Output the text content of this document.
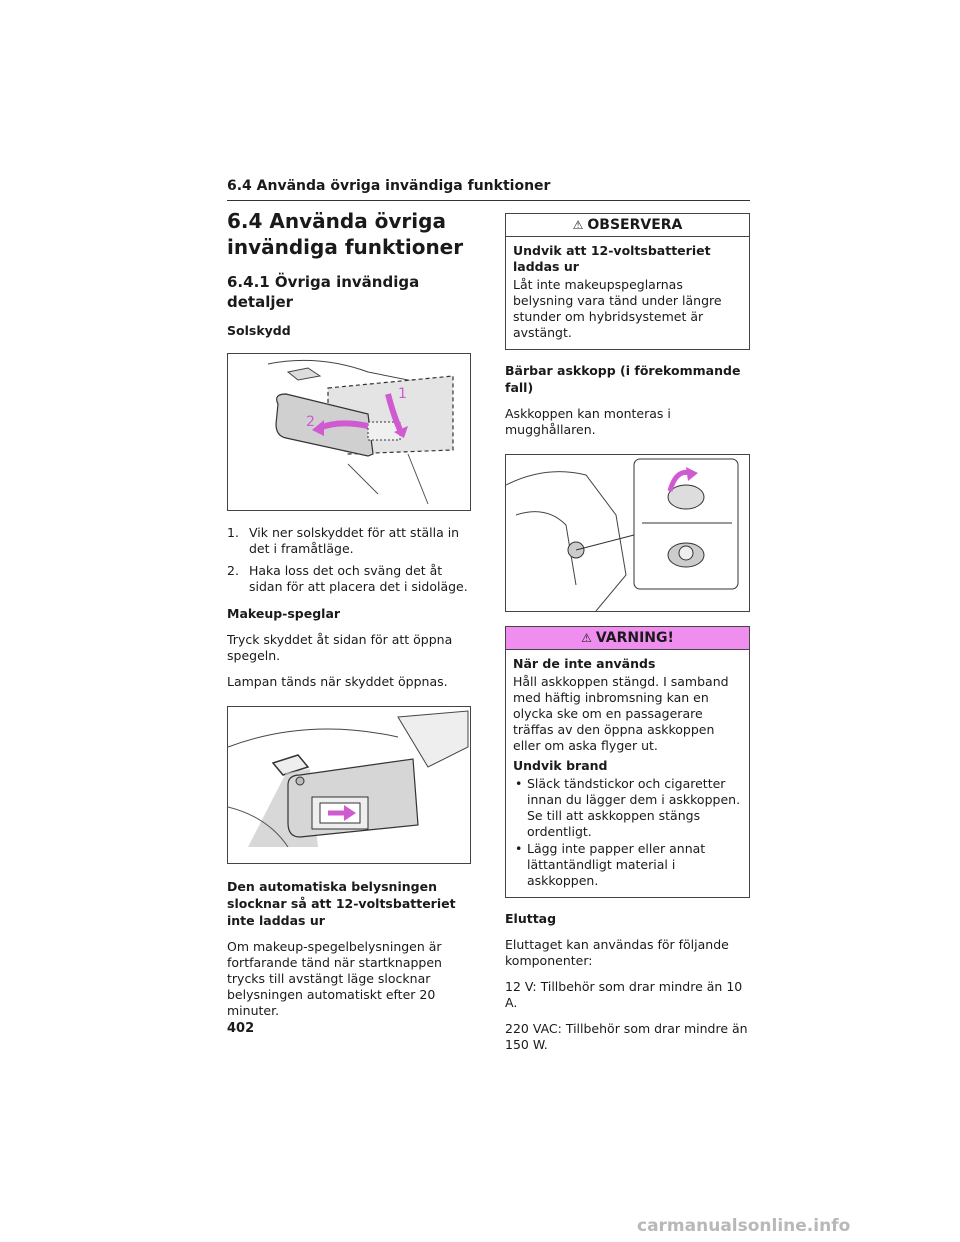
6.4 Använda övriga invändiga funktioner
6.4 Använda övriga invändiga funktioner
6.4.1 Övriga invändiga detaljer
Solskydd
1
2
1. Vik ner solskyddet för att ställa in det i framåtläge.
2. Haka loss det och sväng det åt sidan för att placera det i sidoläge.
Makeup-speglar

Tryck skyddet åt sidan för att öppna spegeln.

Lampan tänds när skyddet öppnas.

Den automatiska belysningen slocknar så att 12-voltsbatteriet inte laddas ur

Om makeup-spegelbelysningen är fortfarande tänd när startknappen trycks till avstängt läge slocknar belysningen automatiskt efter 20 minuter.

⚠ OBSERVERA
Undvik att 12-voltsbatteriet laddas ur

Låt inte makeupspeglarnas belysning vara tänd under längre stunder om hybridsystemet är avstängt.

Bärbar askkopp (i förekommande fall)

Askkoppen kan monteras i mugghållaren.

⚠ VARNING!
När de inte används

Håll askkoppen stängd. I samband med häftig inbromsning kan en olycka ske om en passagerare träffas av den öppna askkoppen eller om aska flyger ut.

Undvik brand
• Släck tändstickor och cigaretter innan du lägger dem i askkoppen. Se till att askkoppen stängs ordentligt.
• Lägg inte papper eller annat lättantändligt material i askkoppen.
Eluttag

Eluttaget kan användas för följande komponenter:

12 V: Tillbehör som drar mindre än 10 A.

220 VAC: Tillbehör som drar mindre än 150 W.

402
carmanualsonline.info
